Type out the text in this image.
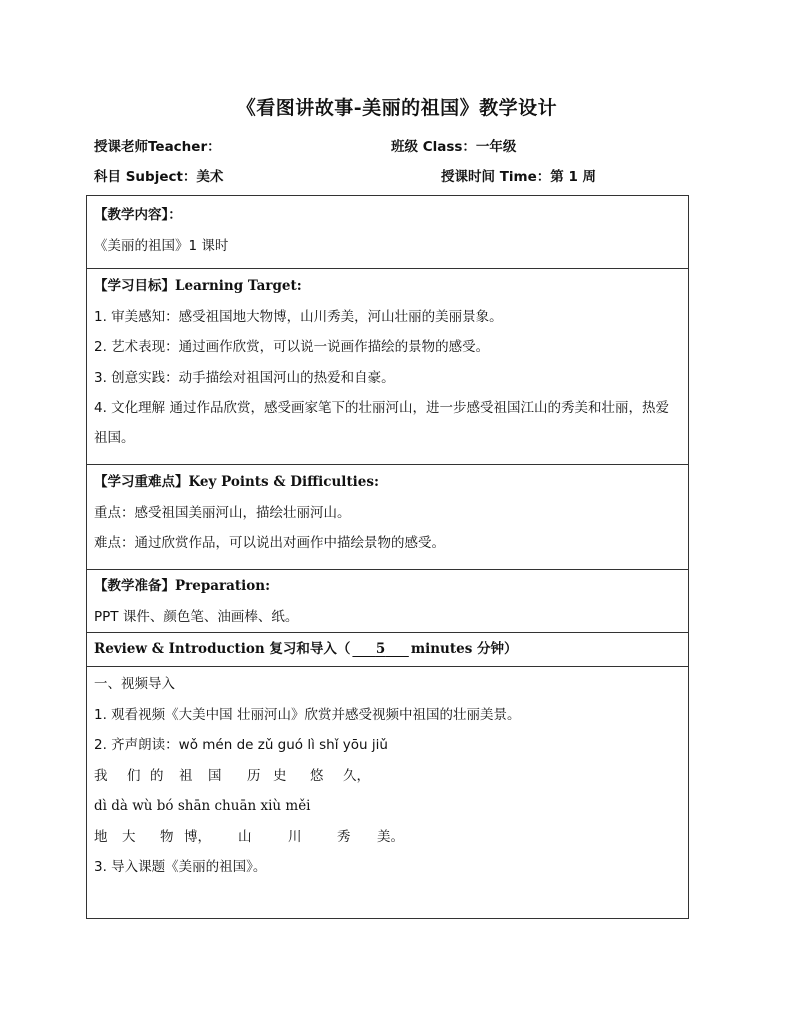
《看图讲故事-美丽的祖国》教学设计
授课老师Teacher：	班级 Class：一年级
科目 Subject：美术	授课时间 Time：第 1 周
【教学内容】：
《美丽的祖国》1 课时
【学习目标】Learning Target:
1. 审美感知：感受祖国地大物博，山川秀美，河山壮丽的美丽景象。
2. 艺术表现：通过画作欣赏，可以说一说画作描绘的景物的感受。
3. 创意实践：动手描绘对祖国河山的热爱和自豪。
4. 文化理解 通过作品欣赏，感受画家笔下的壮丽河山，进一步感受祖国江山的秀美和壮丽，热爱祖国。
【学习重难点】Key Points & Difficulties:
重点：感受祖国美丽河山，描绘壮丽河山。
难点：通过欣赏作品，可以说出对画作中描绘景物的感受。
【教学准备】Preparation:
PPT 课件、颜色笔、油画棒、纸。
Review & Introduction 复习和导入（ 5 minutes 分钟）
一、视频导入
1. 观看视频《大美中国 壮丽河山》欣赏并感受视频中祖国的壮丽美景。
2. 齐声朗读：wǒ mén de zǔ guó lì shǐ yōu jiǔ
我 们 的 祖 国 历 史 悠 久，
dì dà wù bó shān chuān xiù měi
地 大 物 博， 山	川	秀 美。
3. 导入课题《美丽的祖国》。
